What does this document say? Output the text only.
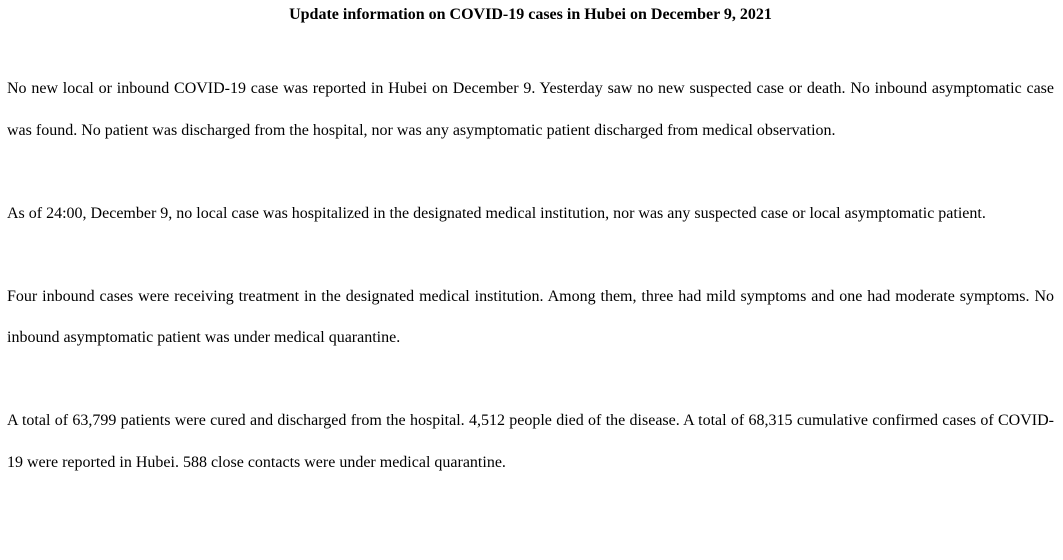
Update information on COVID-19 cases in Hubei on December 9, 2021

No new local or inbound COVID-19 case was reported in Hubei on December 9. Yesterday saw no new suspected case or death. No inbound asymptomatic case was found. No patient was discharged from the hospital, nor was any asymptomatic patient discharged from medical observation.

As of 24:00, December 9, no local case was hospitalized in the designated medical institution, nor was any suspected case or local asymptomatic patient.

Four inbound cases were receiving treatment in the designated medical institution. Among them, three had mild symptoms and one had moderate symptoms. No inbound asymptomatic patient was under medical quarantine.

A total of 63,799 patients were cured and discharged from the hospital. 4,512 people died of the disease. A total of 68,315 cumulative confirmed cases of COVID-19 were reported in Hubei. 588 close contacts were under medical quarantine.
